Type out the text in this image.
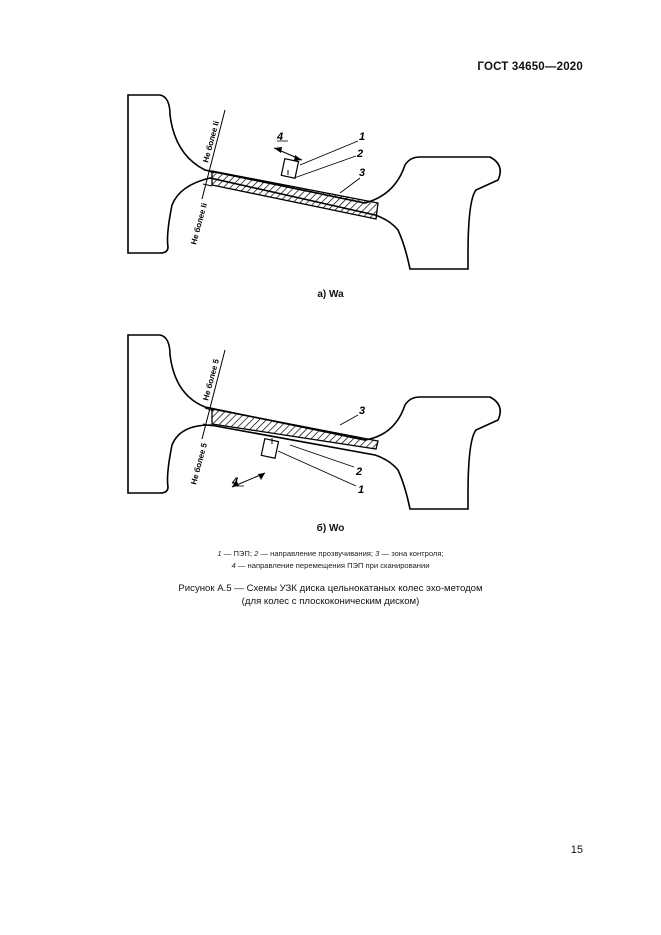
ГОСТ 34650—2020
Не более Іі
Не более Іі
1
2
3
4
а) Wa
Не более 5
Не более 5
1
2
3
4
б) Wo
1 — ПЭП; 2 — направление прозвучивания; 3 — зона контроля;
4 — направление перемещения ПЭП при сканировании
Рисунок А.5 — Схемы УЗК диска цельнокатаных колес эхо-методом
(для колес с плоскоконическим диском)
15
